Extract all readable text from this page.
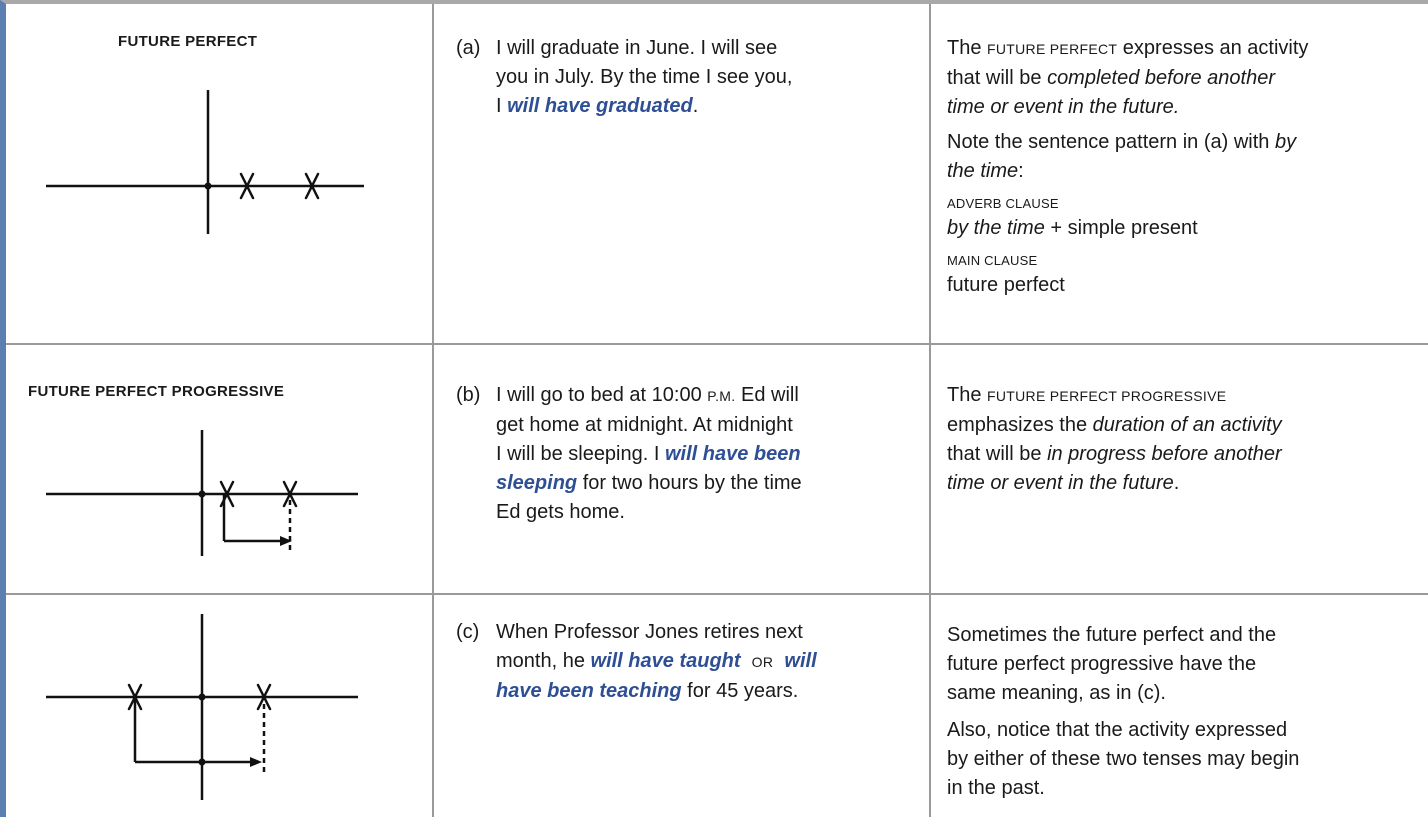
FUTURE PERFECT	(a) I will graduate in June. I will see
you in July. By the time I see you,
I will have graduated.

The FUTURE PERFECT expresses an activity
that will be completed before another
time or event in the future.

Note the sentence pattern in (a) with by
the time:

ADVERB CLAUSE

by the time + simple present

MAIN CLAUSE

future perfect

FUTURE PERFECT PROGRESSIVE	(b) I will go to bed at 10:00 P.M. Ed will
get home at midnight. At midnight
I will be sleeping. I will have been
sleeping for two hours by the time
Ed gets home.

The FUTURE PERFECT PROGRESSIVE
emphasizes the duration of an activity
that will be in progress before another
time or event in the future.

(c) When Professor Jones retires next
month, he will have taught OR will
have been teaching for 45 years.

Sometimes the future perfect and the
future perfect progressive have the
same meaning, as in (c).

Also, notice that the activity expressed
by either of these two tenses may begin
in the past.
